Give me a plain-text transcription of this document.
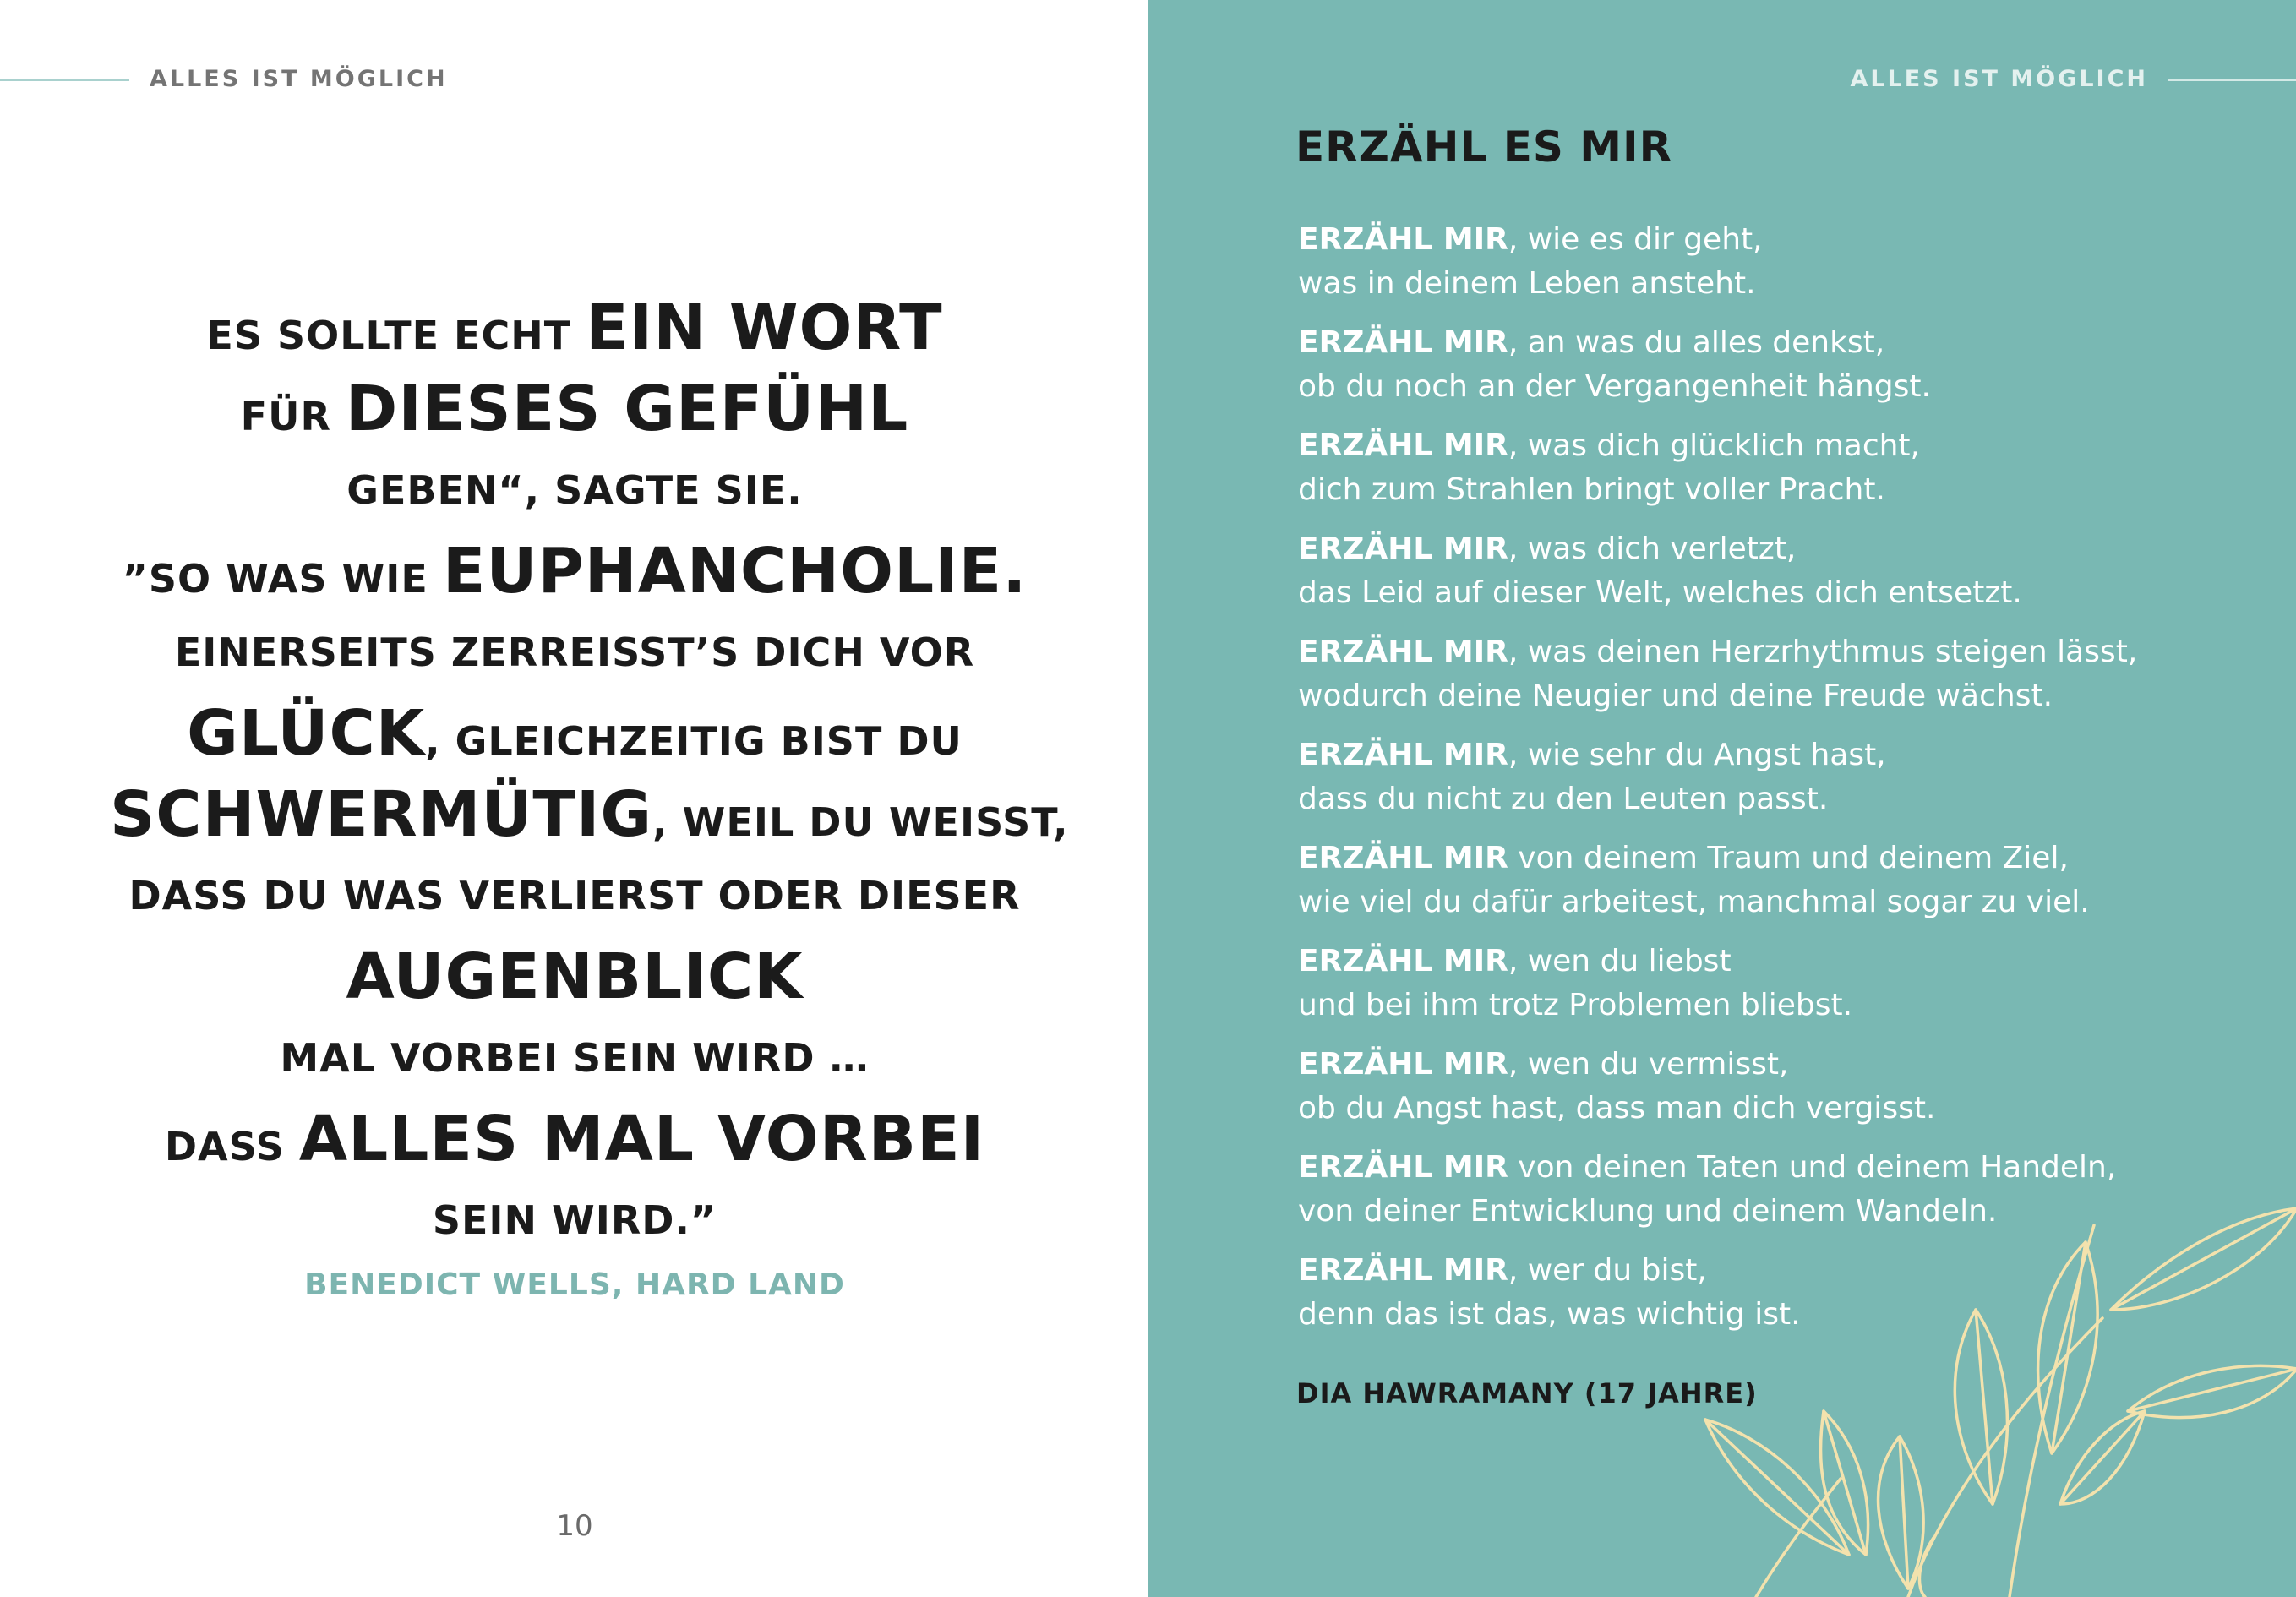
ALLES IST MÖGLICH
ES SOLLTE ECHT EIN WORT
FÜR DIESES GEFÜHL
GEBEN“, SAGTE SIE.
”SO WAS WIE EUPHANCHOLIE.
EINERSEITS ZERREISST’S DICH VOR
GLÜCK, GLEICHZEITIG BIST DU
SCHWERMÜTIG, WEIL DU WEISST,
DASS DU WAS VERLIERST ODER DIESER
AUGENBLICK
MAL VORBEI SEIN WIRD …
DASS ALLES MAL VORBEI
SEIN WIRD.”
BENEDICT WELLS, HARD LAND
10
ALLES IST MÖGLICH
ERZÄHL ES MIR
ERZÄHL MIR, wie es dir geht,
was in deinem Leben ansteht.
ERZÄHL MIR, an was du alles denkst,
ob du noch an der Vergangenheit hängst.
ERZÄHL MIR, was dich glücklich macht,
dich zum Strahlen bringt voller Pracht.
ERZÄHL MIR, was dich verletzt,
das Leid auf dieser Welt, welches dich entsetzt.
ERZÄHL MIR, was deinen Herzrhythmus steigen lässt,
wodurch deine Neugier und deine Freude wächst.
ERZÄHL MIR, wie sehr du Angst hast,
dass du nicht zu den Leuten passt.
ERZÄHL MIR von deinem Traum und deinem Ziel,
wie viel du dafür arbeitest, manchmal sogar zu viel.
ERZÄHL MIR, wen du liebst
und bei ihm trotz Problemen bliebst.
ERZÄHL MIR, wen du vermisst,
ob du Angst hast, dass man dich vergisst.
ERZÄHL MIR von deinen Taten und deinem Handeln,
von deiner Entwicklung und deinem Wandeln.
ERZÄHL MIR, wer du bist,
denn das ist das, was wichtig ist.
DIA HAWRAMANY (17 JAHRE)
